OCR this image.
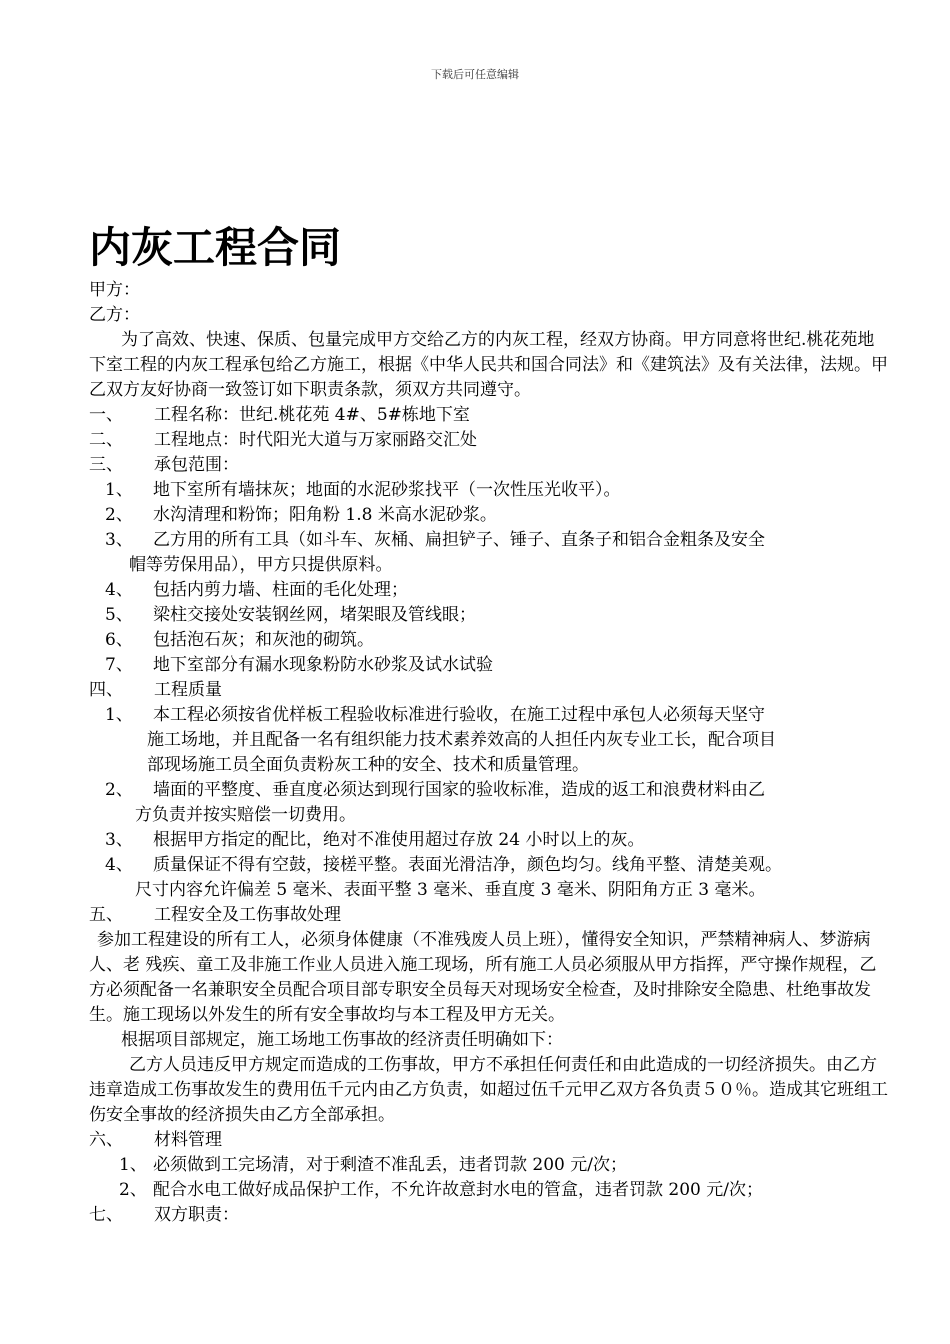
下载后可任意编辑
内灰工程合同
甲方：
乙方：
为了高效、快速、保质、包量完成甲方交给乙方的内灰工程，经双方协商。甲方同意将世纪.桃花苑地下室工程的内灰工程承包给乙方施工，根据《中华人民共和国合同法》和《建筑法》及有关法律，法规。甲乙双方友好协商一致签订如下职责条款，须双方共同遵守。
一、	工程名称：世纪.桃花苑 4#、5#栋地下室
二、	工程地点：时代阳光大道与万家丽路交汇处
三、	承包范围：
1、	地下室所有墙抹灰；地面的水泥砂浆找平（一次性压光收平）。
2、	水沟清理和粉饰；阳角粉 1.8 米高水泥砂浆。
3、	乙方用的所有工具（如斗车、灰桶、扁担铲子、锤子、直条子和铝合金粗条及安全
帽等劳保用品），甲方只提供原料。
4、	包括内剪力墙、柱面的毛化处理；
5、	梁柱交接处安装钢丝网，堵架眼及管线眼；
6、	包括泡石灰；和灰池的砌筑。
7、	地下室部分有漏水现象粉防水砂浆及试水试验
四、	工程质量
1、	本工程必须按省优样板工程验收标准进行验收，在施工过程中承包人必须每天坚守
施工场地，并且配备一名有组织能力技术素养效高的人担任内灰专业工长，配合项目
部现场施工员全面负责粉灰工种的安全、技术和质量管理。
2、	墙面的平整度、垂直度必须达到现行国家的验收标准，造成的返工和浪费材料由乙
方负责并按实赔偿一切费用。
3、	根据甲方指定的配比，绝对不准使用超过存放 24 小时以上的灰。
4、	质量保证不得有空鼓，接槎平整。表面光滑洁净，颜色均匀。线角平整、清楚美观。
尺寸内容允许偏差 5 毫米、表面平整 3 毫米、垂直度 3 毫米、阴阳角方正 3 毫米。
五、	工程安全及工伤事故处理
参加工程建设的所有工人，必须身体健康（不准残废人员上班），懂得安全知识，严禁精神病人、梦游病人、老 残疾、童工及非施工作业人员进入施工现场，所有施工人员必须服从甲方指挥，严守操作规程，乙方必须配备一名兼职安全员配合项目部专职安全员每天对现场安全检查，及时排除安全隐患、杜绝事故发生。施工现场以外发生的所有安全事故均与本工程及甲方无关。
根据项目部规定，施工场地工伤事故的经济责任明确如下：
乙方人员违反甲方规定而造成的工伤事故，甲方不承担任何责任和由此造成的一切经济损失。由乙方违章造成工伤事故发生的费用伍千元内由乙方负责，如超过伍千元甲乙双方各负责５０％。造成其它班组工伤安全事故的经济损失由乙方全部承担。
六、	材料管理
1、 必须做到工完场清，对于剩渣不准乱丢，违者罚款 200 元/次；
2、 配合水电工做好成品保护工作，不允许故意封水电的管盒，违者罚款 200 元/次；
七、	双方职责：
